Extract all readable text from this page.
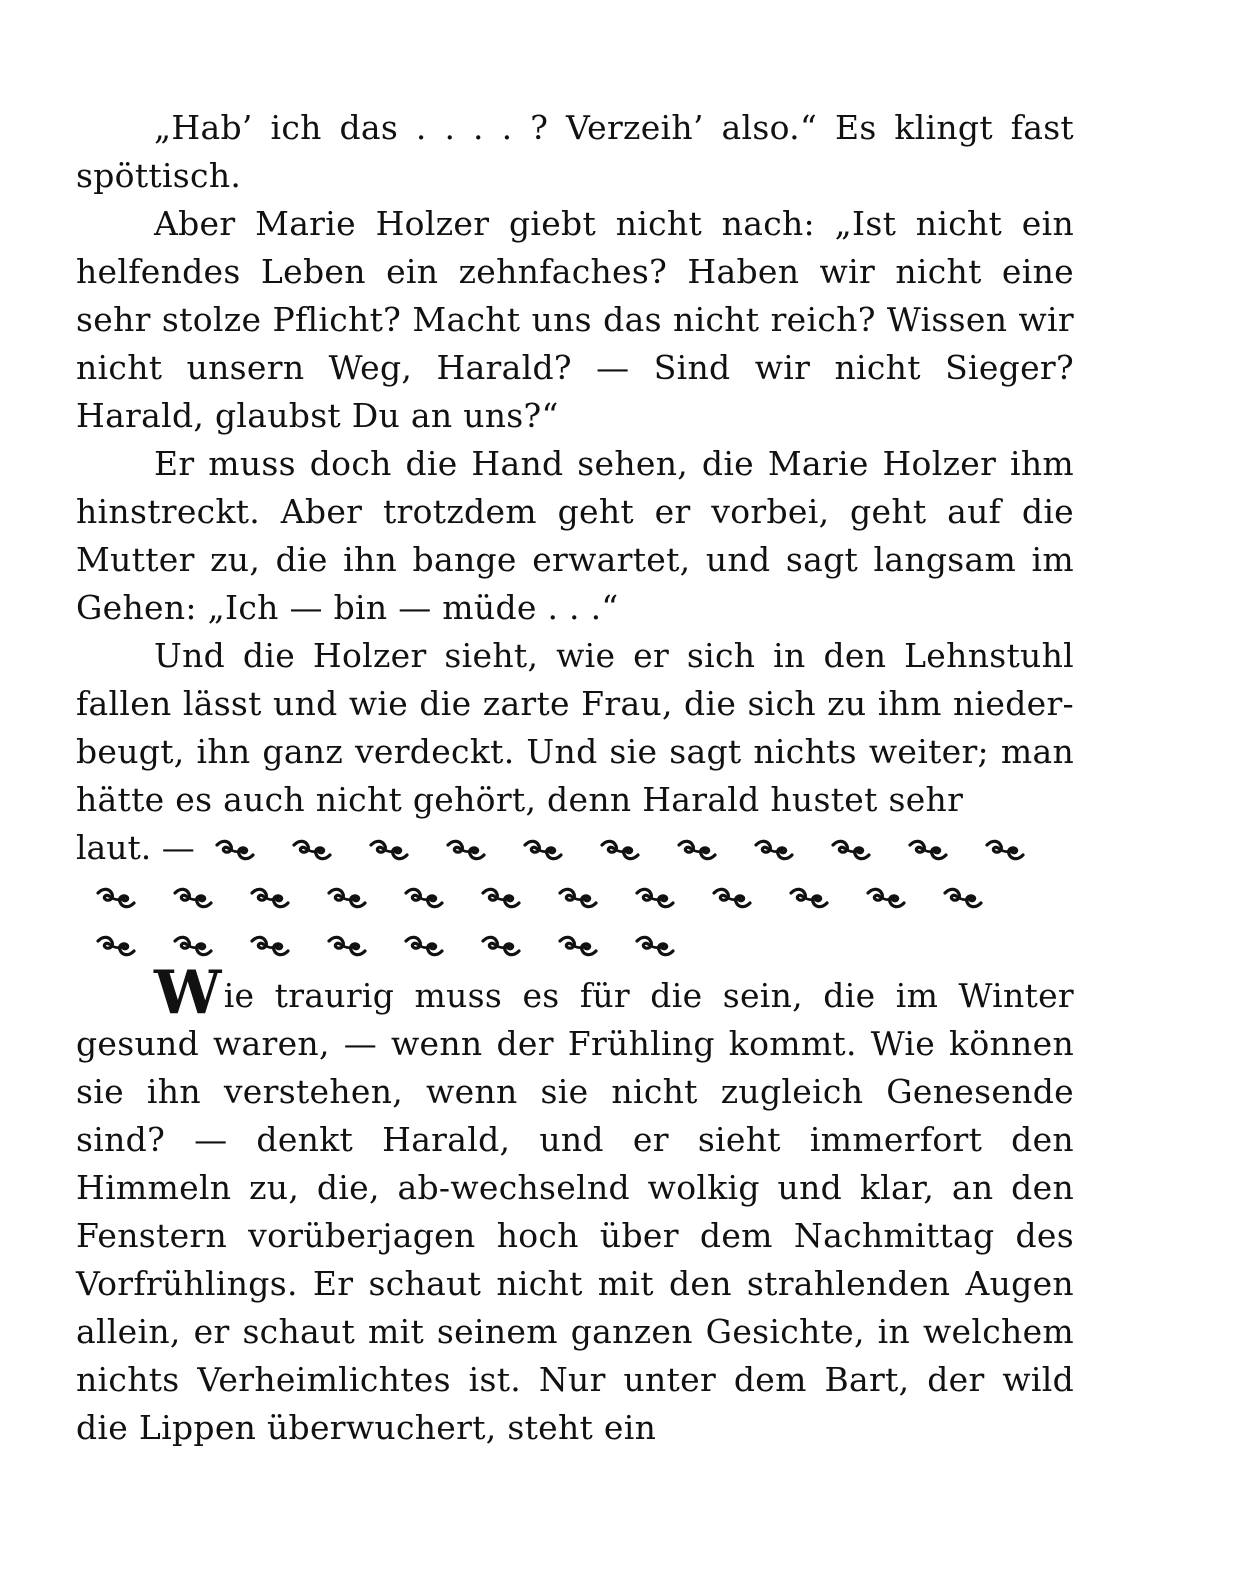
„Hab’ ich das . . . . ? Verzeih’ also.“ Es klingt fast spöttisch.

Aber Marie Holzer giebt nicht nach: „Ist nicht ein helfendes Leben ein zehnfaches? Haben wir nicht eine sehr stolze Pflicht? Macht uns das nicht reich? Wissen wir nicht unsern Weg, Harald? — Sind wir nicht Sieger? Harald, glaubst Du an uns?“

Er muss doch die Hand sehen, die Marie Holzer ihm hinstreckt. Aber trotzdem geht er vorbei, geht auf die Mutter zu, die ihn bange erwartet, und sagt langsam im Gehen: „Ich — bin — müde . . .“

Und die Holzer sieht, wie er sich in den Lehnstuhl fallen lässt und wie die zarte Frau, die sich zu ihm nieder-beugt, ihn ganz verdeckt. Und sie sagt nichts weiter; man hätte es auch nicht gehört, denn Harald hustet sehr

laut. —

Wie traurig muss es für die sein, die im Winter gesund waren, — wenn der Frühling kommt. Wie können sie ihn verstehen, wenn sie nicht zugleich Genesende sind? — denkt Harald, und er sieht immerfort den Himmeln zu, die, ab-wechselnd wolkig und klar, an den Fenstern vorüberjagen hoch über dem Nachmittag des Vorfrühlings. Er schaut nicht mit den strahlenden Augen allein, er schaut mit seinem ganzen Gesichte, in welchem nichts Verheimlichtes ist. Nur unter dem Bart, der wild die Lippen überwuchert, steht ein
